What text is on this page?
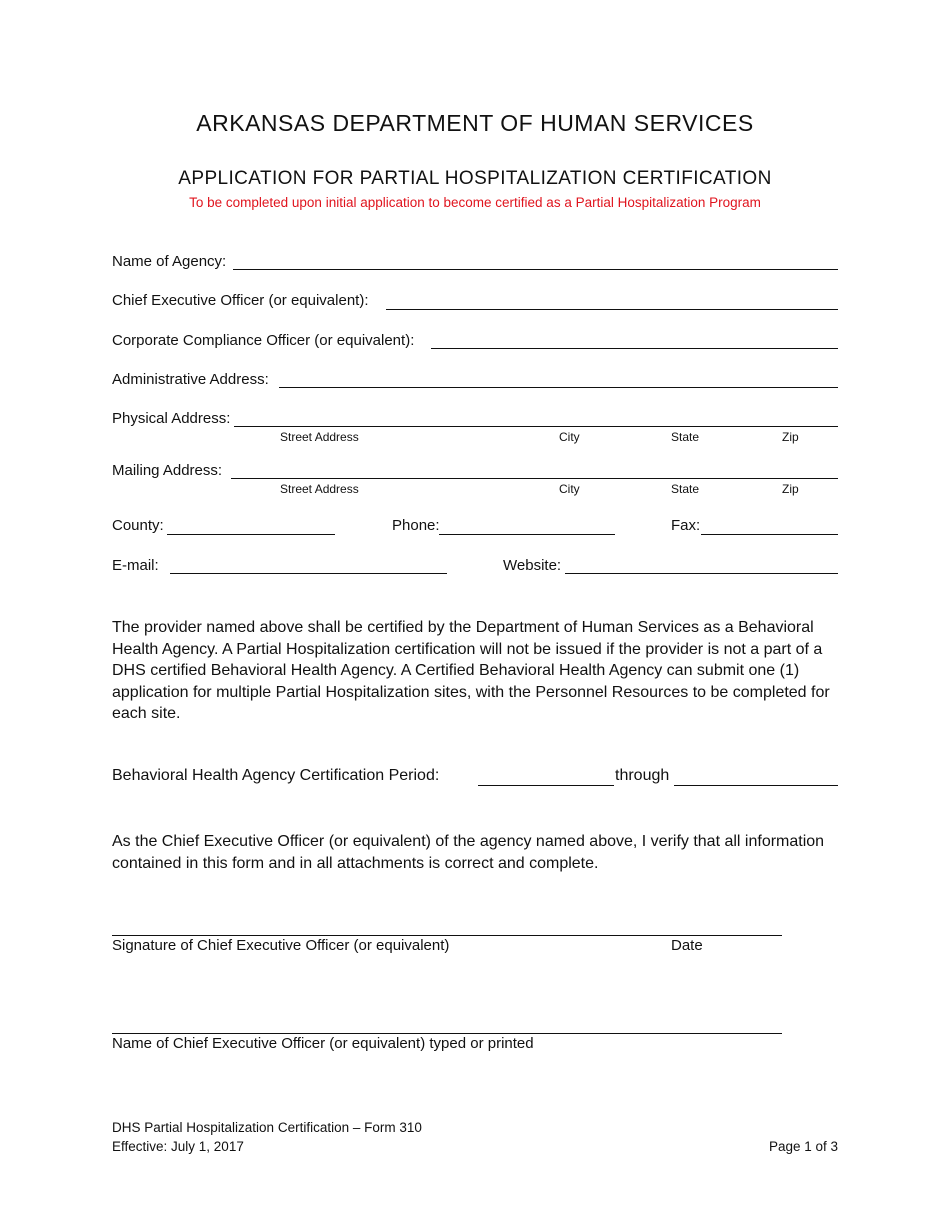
ARKANSAS DEPARTMENT OF HUMAN SERVICES
APPLICATION FOR PARTIAL HOSPITALIZATION CERTIFICATION
To be completed upon initial application to become certified as a Partial Hospitalization Program
Name of Agency:
Chief Executive Officer (or equivalent):
Corporate Compliance Officer (or equivalent):
Administrative Address:
Physical Address:
Street Address	City	State	Zip
Mailing Address:
Street Address	City	State	Zip
County:	Phone:	Fax:
E-mail:	Website:
The provider named above shall be certified by the Department of Human Services as a Behavioral Health Agency. A Partial Hospitalization certification will not be issued if the provider is not a part of a DHS certified Behavioral Health Agency. A Certified Behavioral Health Agency can submit one (1) application for multiple Partial Hospitalization sites, with the Personnel Resources to be completed for each site.
Behavioral Health Agency Certification Period:	through
As the Chief Executive Officer (or equivalent) of the agency named above, I verify that all information contained in this form and in all attachments is correct and complete.
Signature of Chief Executive Officer (or equivalent)	Date
Name of Chief Executive Officer (or equivalent) typed or printed
DHS Partial Hospitalization Certification – Form 310
Effective: July 1, 2017	Page 1 of 3
